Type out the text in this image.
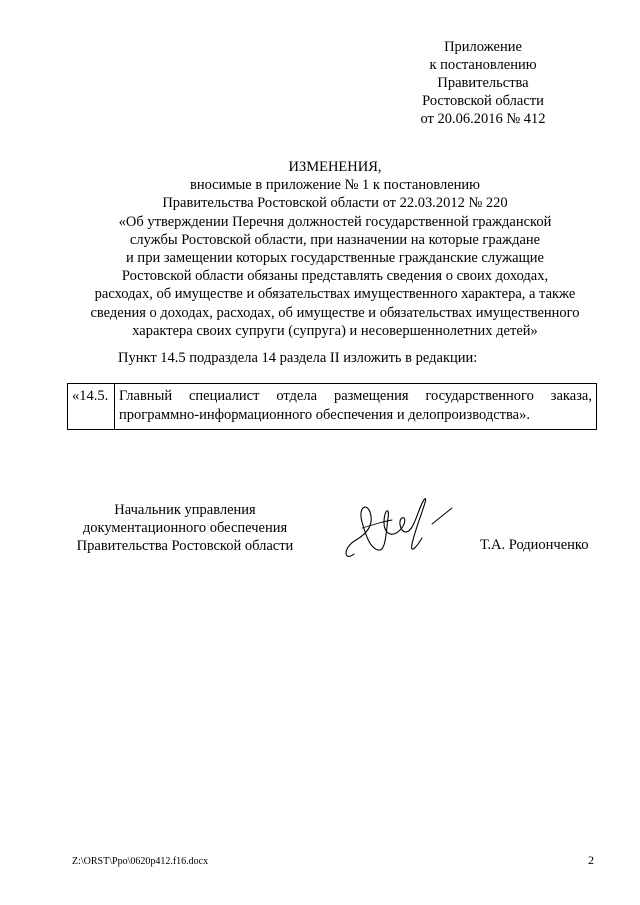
Приложение
к постановлению
Правительства
Ростовской области
от 20.06.2016 № 412
ИЗМЕНЕНИЯ,
вносимые в приложение № 1 к постановлению
Правительства Ростовской области от 22.03.2012 № 220
«Об утверждении Перечня должностей государственной гражданской
службы Ростовской области, при назначении на которые граждане
и при замещении которых государственные гражданские служащие
Ростовской области обязаны представлять сведения о своих доходах,
расходах, об имуществе и обязательствах имущественного характера, а также
сведения о доходах, расходах, об имуществе и обязательствах имущественного
характера своих супруги (супруга) и несовершеннолетних детей»
Пункт 14.5 подраздела 14 раздела II изложить в редакции:
«14.5.	Главный специалист отдела размещения государственного заказа,
программно-информационного обеспечения и делопроизводства».
Начальник управления
документационного обеспечения
Правительства Ростовской области	Т.А. Родионченко
Z:\ORST\Ppo\0620p412.f16.docx	2
